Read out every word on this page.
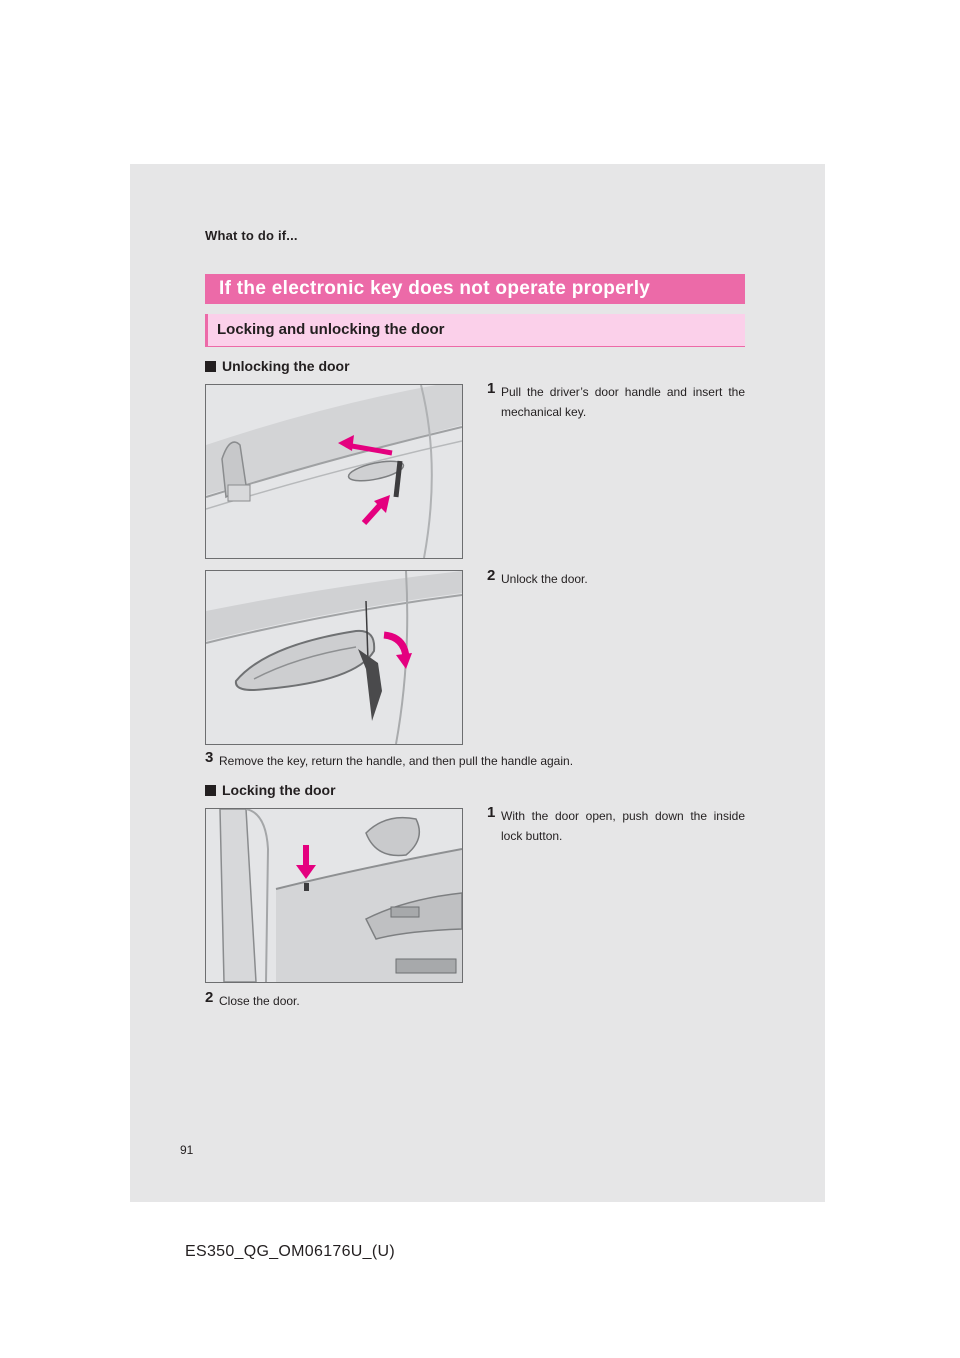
What to do if...
If the electronic key does not operate properly
Locking and unlocking the door
Unlocking the door
1 Pull the driver’s door handle and insert the mechanical key.
2 Unlock the door.
3 Remove the key, return the handle, and then pull the handle again.
Locking the door
1 With the door open, push down the inside lock button.
2 Close the door.
91
ES350_QG_OM06176U_(U)
